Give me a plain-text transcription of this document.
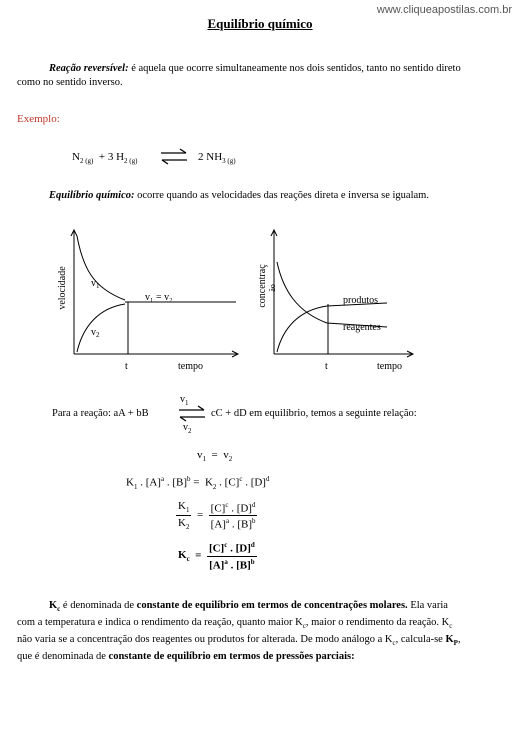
www.cliqueapostilas.com.br
Equilíbrio químico
Reação reversível: é aquela que ocorre simultaneamente nos dois sentidos, tanto no sentido direto como no sentido inverso.
Exemplo:
$N_{2 (g)} + 3$ $H_{2 (g)}$ ⇌ 2 $NH_{3 (g)}$
Equilíbrio químico: ocorre quando as velocidades das reações direta e inversa se igualam.
velocidade $v_1$
$v_2$
v₁ = v₂
t	tempo
concentraç ão
produtos
reagentes
t	tempo
Para a reação: aA + bB
$v_1$
$v_2$
cC + dD em equilíbrio, temos a seguinte relação:
$v_1 = v_2$
$K_1$ . $[A]^a$ . $[B]^b = K_2$ . $[C]^c$ . $[D]^d$
$\frac{K_1}{K_2} = \frac{[C]^c . [D]^d}{[A]^a . [B]^b}$
$K_c = \frac{[C]^c . [D]^d}{[A]^a . [B]^b}$
$K_c$ é denominada de constante de equilíbrio em termos de concentrações molares. Ela varia com a temperatura e indica o rendimento da reação, quanto maior $K_c$, maior o rendimento da reação. $K_c$ não varia se a concentração dos reagentes ou produtos for alterada. De modo análogo a $K_c$, calcula-se $K_P$, que é denominada de constante de equilíbrio em termos de pressões parciais:
